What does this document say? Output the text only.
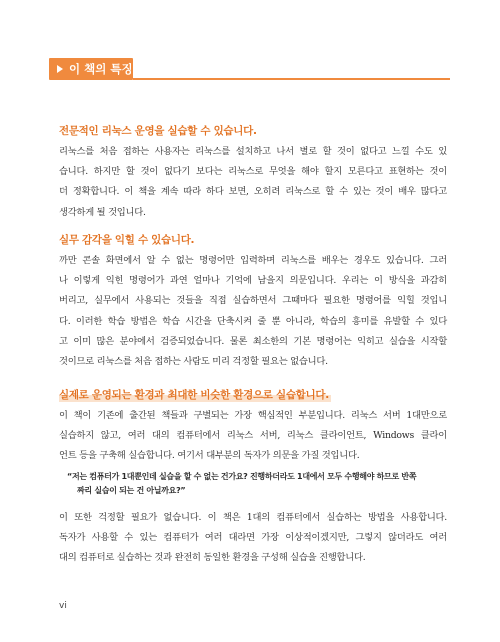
이 책의 특징
전문적인 리눅스 운영을 실습할 수 있습니다.

리눅스를 처음 접하는 사용자는 리눅스를 설치하고 나서 별로 할 것이 없다고 느낄 수도 있
습니다. 하지만 할 것이 없다기 보다는 리눅스로 무엇을 해야 할지 모른다고 표현하는 것이
더 정확합니다. 이 책을 계속 따라 하다 보면, 오히려 리눅스로 할 수 있는 것이 배우 많다고
생각하게 될 것입니다.

실무 감각을 익힐 수 있습니다.

까만 콘솔 화면에서 알 수 없는 명령어만 입력하며 리눅스를 배우는 경우도 있습니다. 그러
나 이렇게 익힌 명령어가 과연 얼마나 기억에 남을지 의문입니다. 우리는 이 방식을 과감히
버리고, 실무에서 사용되는 것들을 직접 실습하면서 그때마다 필요한 명령어를 익힐 것입니
다. 이러한 학습 방법은 학습 시간을 단축시켜 줄 뿐 아니라, 학습의 흥미를 유발할 수 있다
고 이미 많은 분야에서 검증되었습니다. 물론 최소한의 기본 명령어는 익히고 실습을 시작할
것이므로 리눅스를 처음 접하는 사람도 미리 걱정할 필요는 없습니다.

실제로 운영되는 환경과 최대한 비슷한 환경으로 실습합니다.

이 책이 기존에 출간된 책들과 구별되는 가장 핵심적인 부분입니다. 리눅스 서버 1대만으로
실습하지 않고, 여러 대의 컴퓨터에서 리눅스 서버, 리눅스 클라이언트, Windows 클라이
언트 등을 구축해 실습합니다. 여기서 대부분의 독자가 의문을 가질 것입니다.

“저는 컴퓨터가 1대뿐인데 실습을 할 수 없는 건가요? 진행하더라도 1대에서 모두 수행해야 하므로 반쪽
짜리 실습이 되는 건 아닐까요?”

이 또한 걱정할 필요가 없습니다. 이 책은 1대의 컴퓨터에서 실습하는 방법을 사용합니다.
독자가 사용할 수 있는 컴퓨터가 여러 대라면 가장 이상적이겠지만, 그렇지 않더라도 여러
대의 컴퓨터로 실습하는 것과 완전히 동일한 환경을 구성해 실습을 진행합니다.

vi
